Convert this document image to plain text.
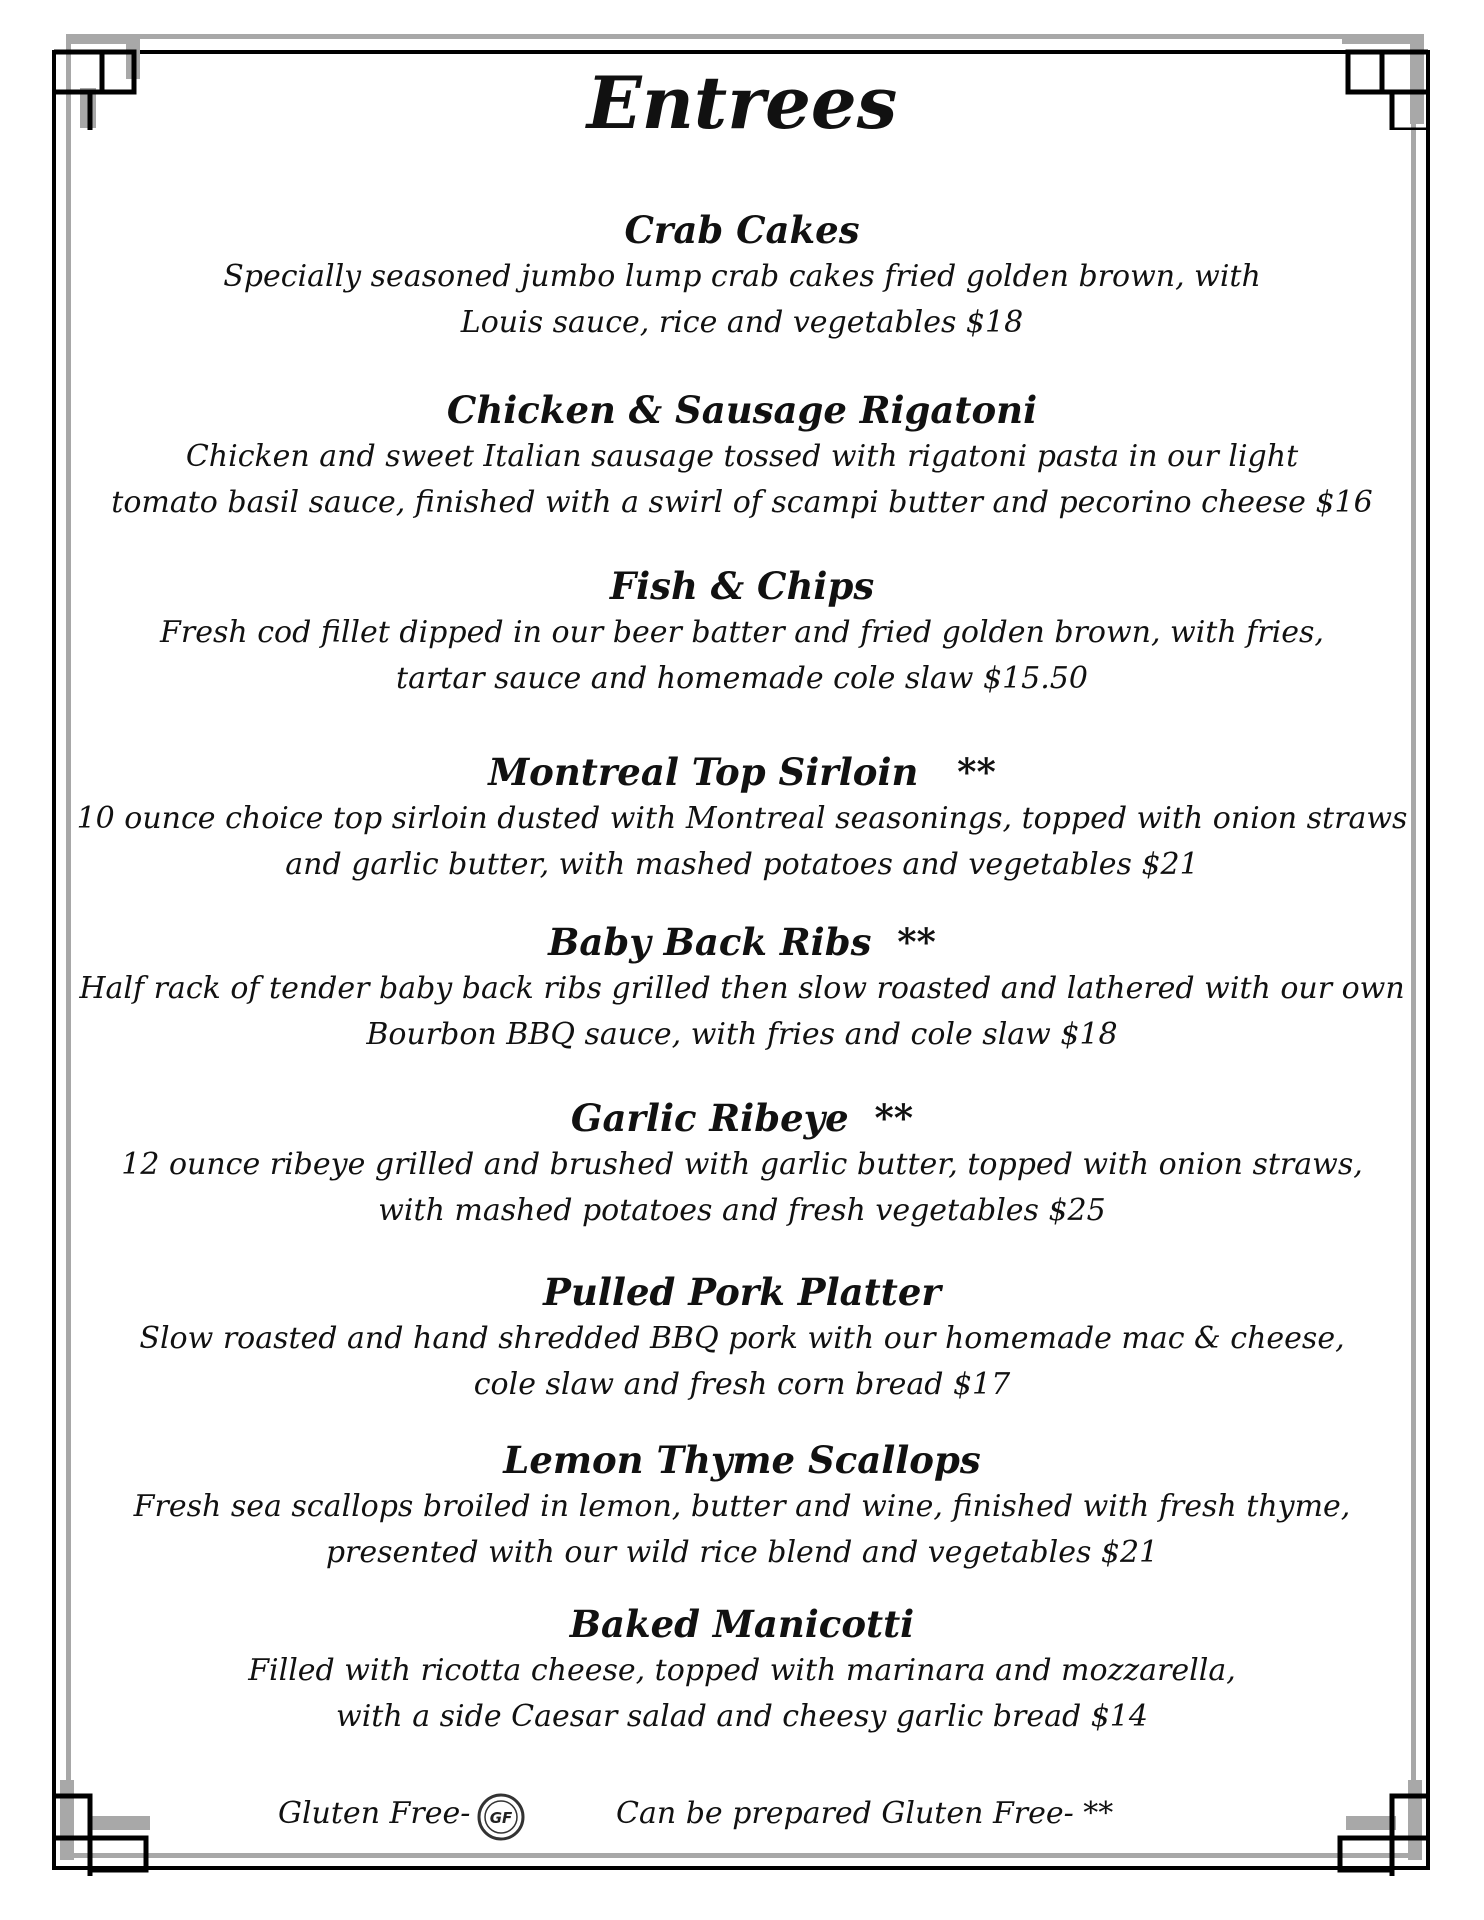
Entrees
Crab Cakes
Specially seasoned jumbo lump crab cakes fried golden brown, with
Louis sauce, rice and vegetables $18
Chicken & Sausage Rigatoni
Chicken and sweet Italian sausage tossed with rigatoni pasta in our light
tomato basil sauce, finished with a swirl of scampi butter and pecorino cheese $16
Fish & Chips
Fresh cod fillet dipped in our beer batter and fried golden brown, with fries,
tartar sauce and homemade cole slaw $15.50
Montreal Top Sirloin **
10 ounce choice top sirloin dusted with Montreal seasonings, topped with onion straws
and garlic butter, with mashed potatoes and vegetables $21
Baby Back Ribs **
Half rack of tender baby back ribs grilled then slow roasted and lathered with our own
Bourbon BBQ sauce, with fries and cole slaw $18
Garlic Ribeye **
12 ounce ribeye grilled and brushed with garlic butter, topped with onion straws,
with mashed potatoes and fresh vegetables $25
Pulled Pork Platter
Slow roasted and hand shredded BBQ pork with our homemade mac & cheese,
cole slaw and fresh corn bread $17
Lemon Thyme Scallops
Fresh sea scallops broiled in lemon, butter and wine, finished with fresh thyme,
presented with our wild rice blend and vegetables $21
Baked Manicotti
Filled with ricotta cheese, topped with marinara and mozzarella,
with a side Caesar salad and cheesy garlic bread $14
Gluten Free- GF	Can be prepared Gluten Free- **
